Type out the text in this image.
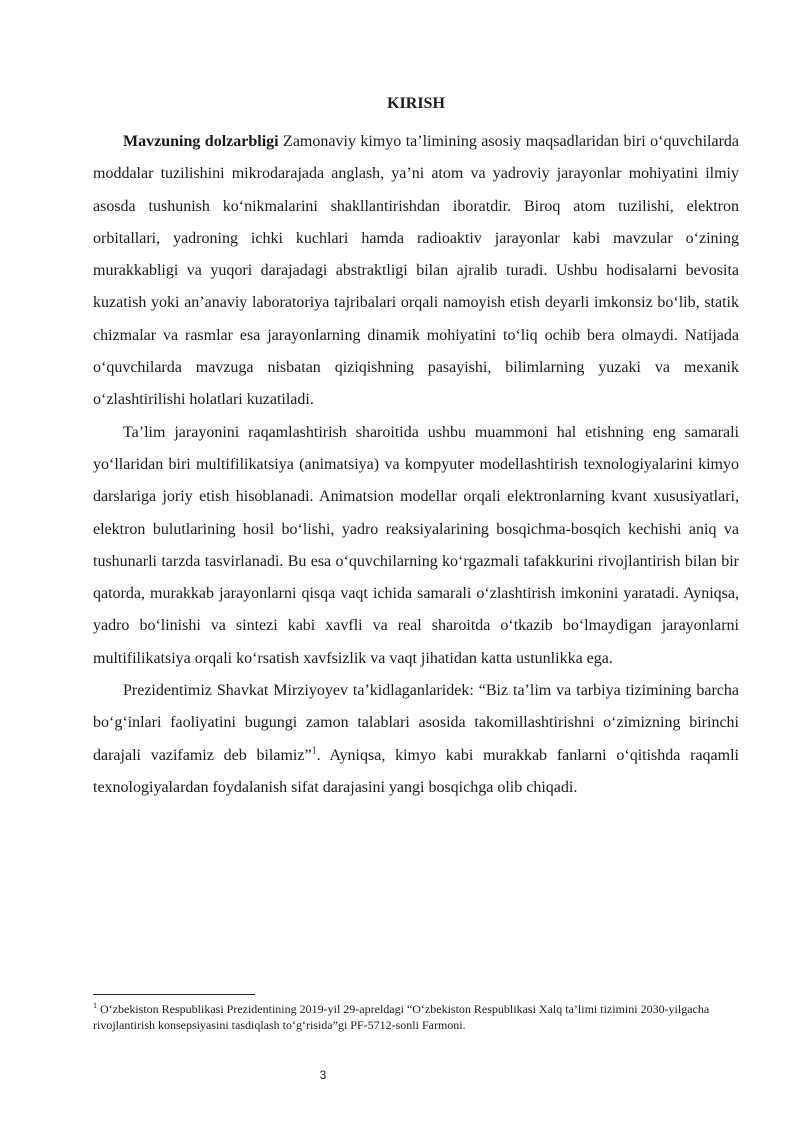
KIRISH

Mavzuning dolzarbligi Zamonaviy kimyo ta’limining asosiy maqsadlaridan biri o‘quvchilarda moddalar tuzilishini mikrodarajada anglash, ya’ni atom va yadroviy jarayonlar mohiyatini ilmiy asosda tushunish ko‘nikmalarini shakllantirishdan iboratdir. Biroq atom tuzilishi, elektron orbitallari, yadroning ichki kuchlari hamda radioaktiv jarayonlar kabi mavzular o‘zining murakkabligi va yuqori darajadagi abstraktligi bilan ajralib turadi. Ushbu hodisalarni bevosita kuzatish yoki an’anaviy laboratoriya tajribalari orqali namoyish etish deyarli imkonsiz bo‘lib, statik chizmalar va rasmlar esa jarayonlarning dinamik mohiyatini to‘liq ochib bera olmaydi. Natijada o‘quvchilarda mavzuga nisbatan qiziqishning pasayishi, bilimlarning yuzaki va mexanik o‘zlashtirilishi holatlari kuzatiladi.

Ta’lim jarayonini raqamlashtirish sharoitida ushbu muammoni hal etishning eng samarali yo‘llaridan biri multifilikatsiya (animatsiya) va kompyuter modellashtirish texnologiyalarini kimyo darslariga joriy etish hisoblanadi. Animatsion modellar orqali elektronlarning kvant xususiyatlari, elektron bulutlarining hosil bo‘lishi, yadro reaksiyalarining bosqichma-bosqich kechishi aniq va tushunarli tarzda tasvirlanadi. Bu esa o‘quvchilarning ko‘rgazmali tafakkurini rivojlantirish bilan bir qatorda, murakkab jarayonlarni qisqa vaqt ichida samarali o‘zlashtirish imkonini yaratadi. Ayniqsa, yadro bo‘linishi va sintezi kabi xavfli va real sharoitda o‘tkazib bo‘lmaydigan jarayonlarni multifilikatsiya orqali ko‘rsatish xavfsizlik va vaqt jihatidan katta ustunlikka ega.

Prezidentimiz Shavkat Mirziyoyev ta’kidlaganlaridek: “Biz ta’lim va tarbiya tizimining barcha bo‘g‘inlari faoliyatini bugungi zamon talablari asosida takomillashtirishni o‘zimizning birinchi darajali vazifamiz deb bilamiz”$^1$. Ayniqsa, kimyo kabi murakkab fanlarni o‘qitishda raqamli texnologiyalardan foydalanish sifat darajasini yangi bosqichga olib chiqadi.

$^1$ O‘zbekiston Respublikasi Prezidentining 2019-yil 29-apreldagi “O‘zbekiston Respublikasi Xalq ta’limi tizimini 2030-yilgacha rivojlantirish konsepsiyasini tasdiqlash to‘g‘risida”gi PF-5712-sonli Farmoni.

3
